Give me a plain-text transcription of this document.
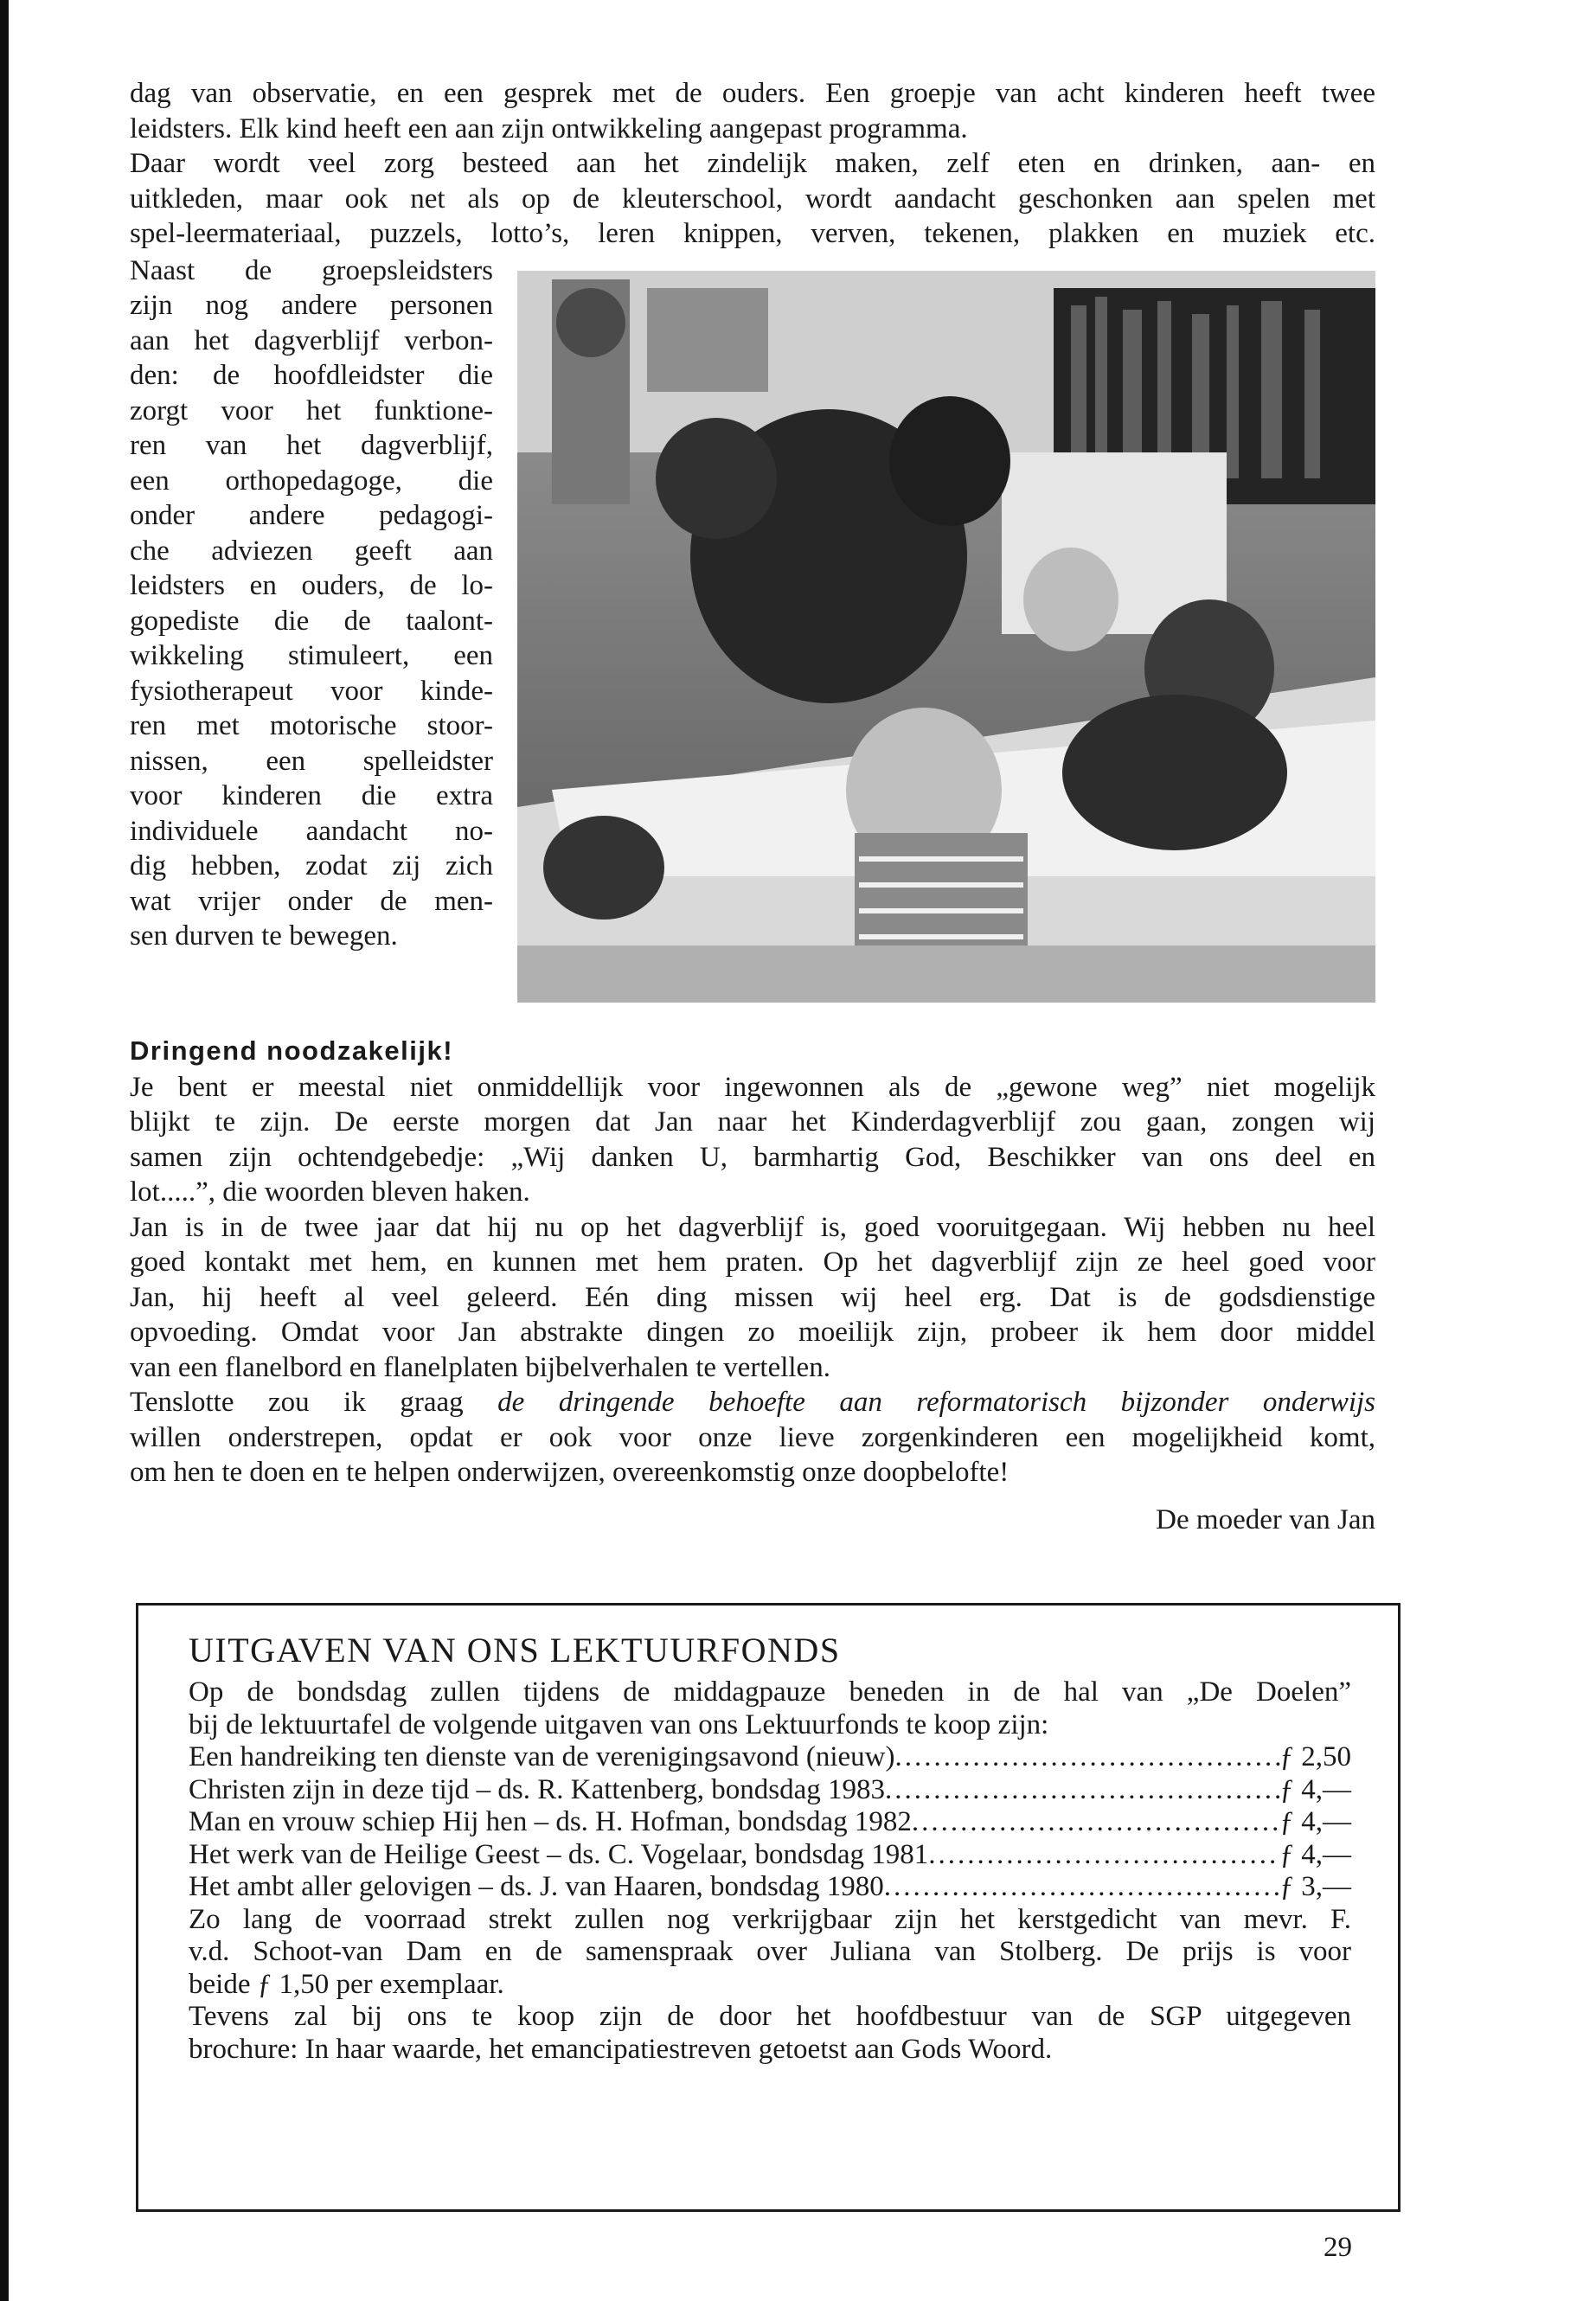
dag van observatie, en een gesprek met de ouders. Een groepje van acht kinderen heeft twee

leidsters. Elk kind heeft een aan zijn ontwikkeling aangepast programma.

Daar wordt veel zorg besteed aan het zindelijk maken, zelf eten en drinken, aan- en

uitkleden, maar ook net als op de kleuterschool, wordt aandacht geschonken aan spelen met

spel-leermateriaal, puzzels, lotto’s, leren knippen, verven, tekenen, plakken en muziek etc.

Naast de groepsleidsters

zijn nog andere personen

aan het dagverblijf verbon-

den: de hoofdleidster die

zorgt voor het funktione-

ren van het dagverblijf,

een orthopedagoge, die

onder andere pedagogi-

che adviezen geeft aan

leidsters en ouders, de lo-

gopediste die de taalont-

wikkeling stimuleert, een

fysiotherapeut voor kinde-

ren met motorische stoor-

nissen, een spelleidster

voor kinderen die extra

individuele aandacht no-

dig hebben, zodat zij zich

wat vrijer onder de men-

sen durven te bewegen.

Dringend noodzakelijk!

Je bent er meestal niet onmiddellijk voor ingewonnen als de „gewone weg” niet mogelijk

blijkt te zijn. De eerste morgen dat Jan naar het Kinderdagverblijf zou gaan, zongen wij

samen zijn ochtendgebedje: „Wij danken U, barmhartig God, Beschikker van ons deel en

lot.....”, die woorden bleven haken.

Jan is in de twee jaar dat hij nu op het dagverblijf is, goed vooruitgegaan. Wij hebben nu heel

goed kontakt met hem, en kunnen met hem praten. Op het dagverblijf zijn ze heel goed voor

Jan, hij heeft al veel geleerd. Eén ding missen wij heel erg. Dat is de godsdienstige

opvoeding. Omdat voor Jan abstrakte dingen zo moeilijk zijn, probeer ik hem door middel

van een flanelbord en flanelplaten bijbelverhalen te vertellen.

Tenslotte zou ik graag de dringende behoefte aan reformatorisch bijzonder onderwijs

willen onderstrepen, opdat er ook voor onze lieve zorgenkinderen een mogelijkheid komt,

om hen te doen en te helpen onderwijzen, overeenkomstig onze doopbelofte!

De moeder van Jan
UITGAVEN VAN ONS LEKTUURFONDS

Op de bondsdag zullen tijdens de middagpauze beneden in de hal van „De Doelen”

bij de lektuurtafel de volgende uitgaven van ons Lektuurfonds te koop zijn:

Een handreiking ten dienste van de verenigingsavond (nieuw) .....	ƒ 2,50
Christen zijn in deze tijd – ds. R. Kattenberg, bondsdag 1983 .....	ƒ 4,—
Man en vrouw schiep Hij hen – ds. H. Hofman, bondsdag 1982 .....	ƒ 4,—
Het werk van de Heilige Geest – ds. C. Vogelaar, bondsdag 1981 .....	ƒ 4,—
Het ambt aller gelovigen – ds. J. van Haaren, bondsdag 1980 .....	ƒ 3,—

Zo lang de voorraad strekt zullen nog verkrijgbaar zijn het kerstgedicht van mevr. F.

v.d. Schoot-van Dam en de samenspraak over Juliana van Stolberg. De prijs is voor

beide ƒ 1,50 per exemplaar.

Tevens zal bij ons te koop zijn de door het hoofdbestuur van de SGP uitgegeven

brochure: In haar waarde, het emancipatiestreven getoetst aan Gods Woord.

29
